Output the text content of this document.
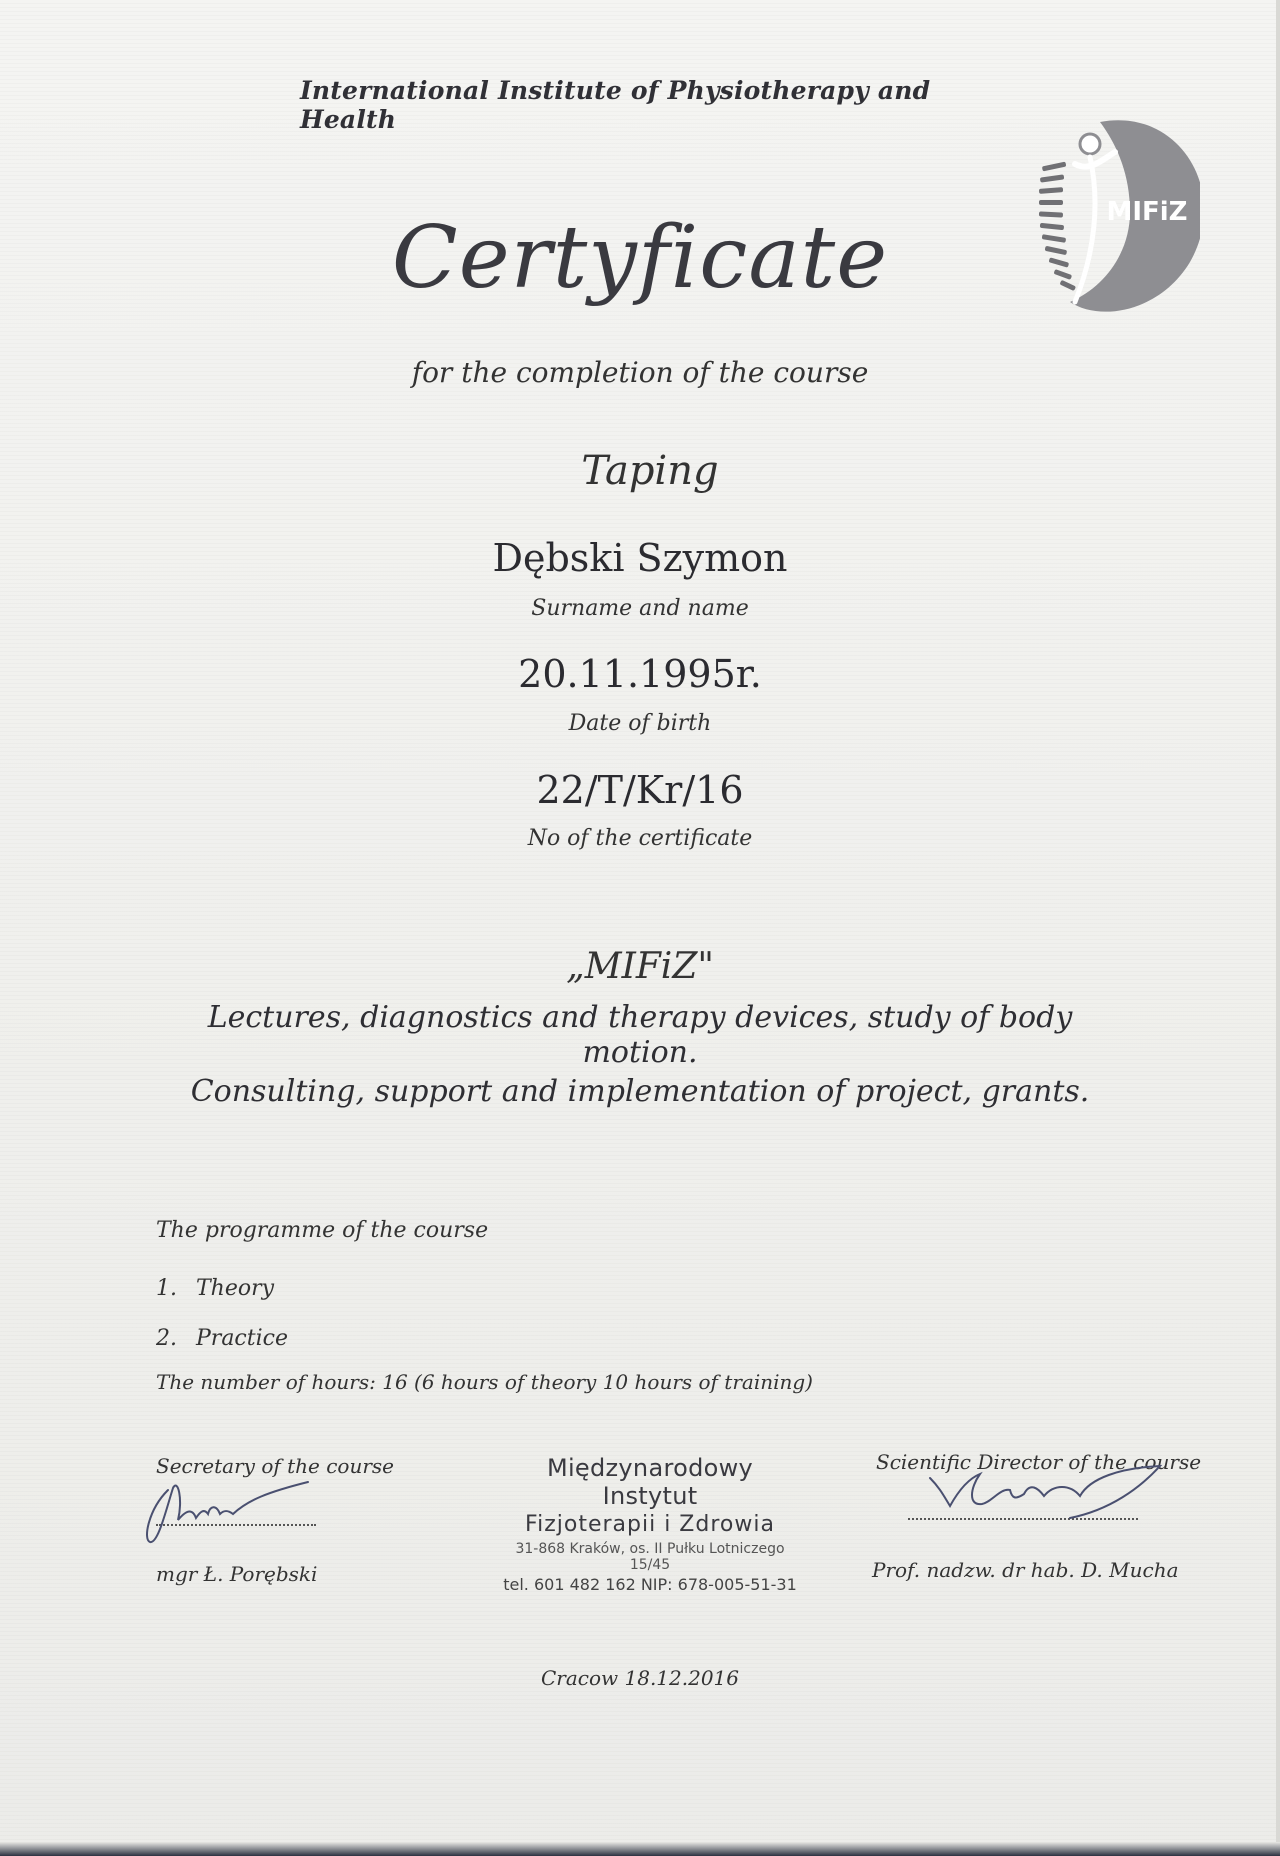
International Institute of Physiotherapy and Health
MIFiZ
Certyficate
for the completion of the course
Taping
Dębski Szymon
Surname and name
20.11.1995r.
Date of birth
22/T/Kr/16
No of the certificate
„MIFiZ"
Lectures, diagnostics and therapy devices, study of body motion.
Consulting, support and implementation of project, grants.
The programme of the course
1. Theory
2. Practice
The number of hours: 16 (6 hours of theory 10 hours of training)
Secretary of the course
mgr Ł. Porębski
Międzynarodowy Instytut
Fizjoterapii i Zdrowia
31-868 Kraków, os. II Pułku Lotniczego 15/45
tel. 601 482 162 NIP: 678-005-51-31
Scientific Director of the course
Prof. nadzw. dr hab. D. Mucha
Cracow 18.12.2016
